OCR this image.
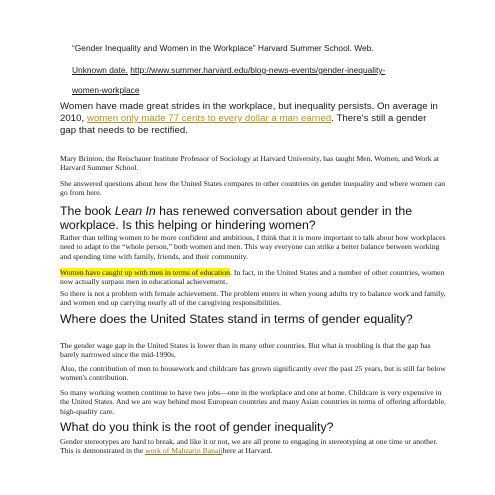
“Gender Inequality and Women in the Workplace” Harvard Summer School. Web.

Unknown date. http://www.summer.harvard.edu/blog-news-events/gender-inequality-

women-workplace

Women have made great strides in the workplace, but inequality persists. On average in 2010, women only made 77 cents to every dollar a man earned. There's still a gender gap that needs to be rectified.

Mary Brinton, the Reischauer Institute Professor of Sociology at Harvard University, has taught Men, Women, and Work at Harvard Summer School.

She answered questions about how the United States compares to other countries on gender inequality and where women can go from here.

The book Lean In has renewed conversation about gender in the workplace. Is this helping or hindering women?

Rather than telling women to be more confident and ambitious, I think that it is more important to talk about how workplaces need to adapt to the “whole person,” both women and men. This way everyone can strike a better balance between working and spending time with family, friends, and their community.

Women have caught up with men in terms of education. In fact, in the United States and a number of other countries, women now actually surpass men in educational achievement.

So there is not a problem with female achievement. The problem enters in when young adults try to balance work and family, and women end up carrying nearly all of the caregiving responsibilities.

Where does the United States stand in terms of gender equality?

The gender wage gap in the United States is lower than in many other countries. But what is troubling is that the gap has barely narrowed since the mid-1990s.

Also, the contribution of men to housework and childcare has grown significantly over the past 25 years, but is still far below women's contribution.

So many working women continue to have two jobs—one in the workplace and one at home. Childcare is very expensive in the United States. And we are way behind most European countries and many Asian countries in terms of offering affordable, high-quality care.

What do you think is the root of gender inequality?

Gender stereotypes are hard to break, and like it or not, we are all prone to engaging in stereotyping at one time or another. This is demonstrated in the work of Mahzarin Banajihere at Harvard.
